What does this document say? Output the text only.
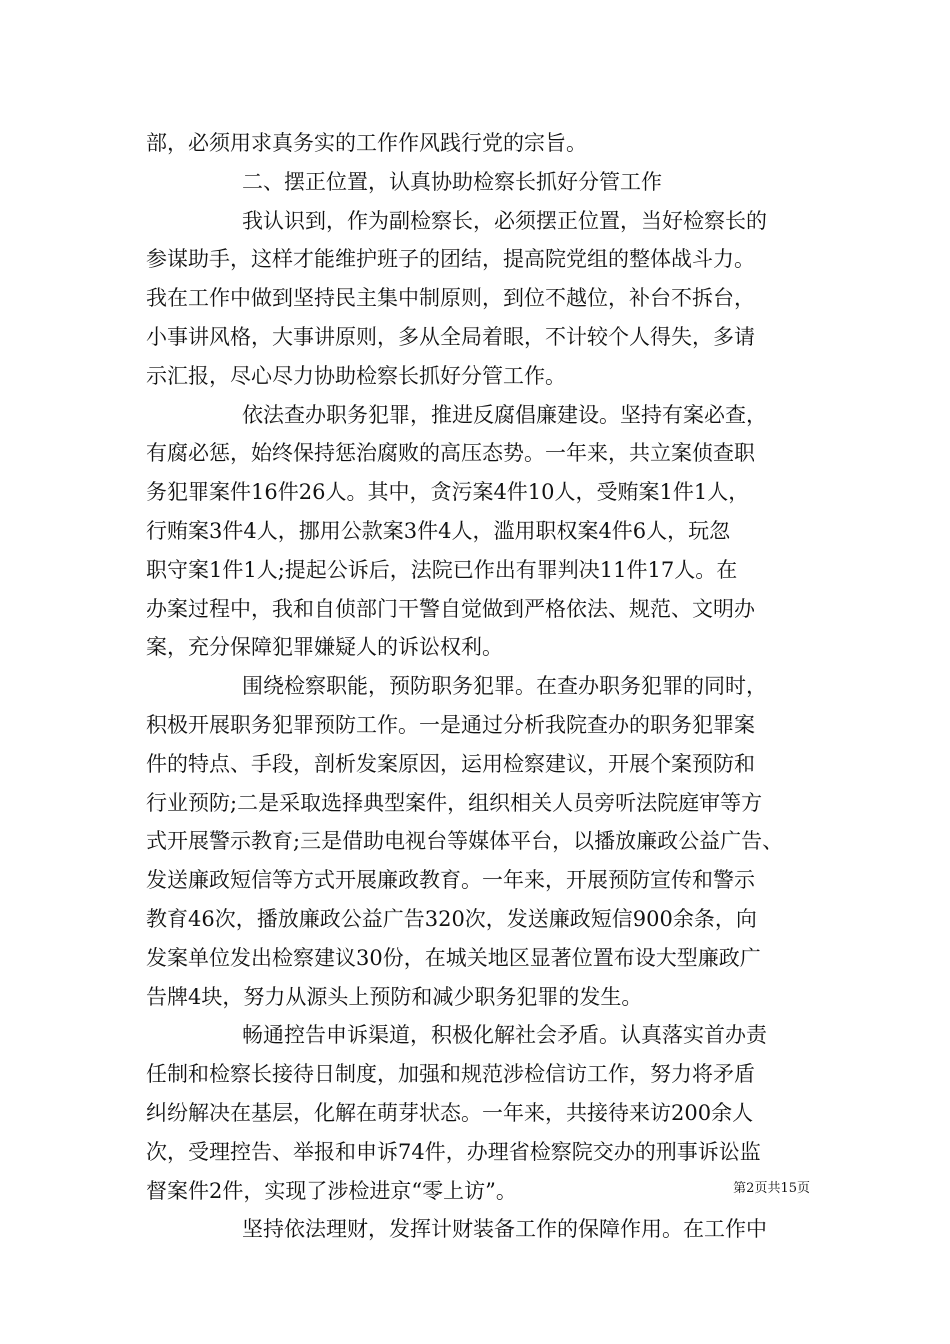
部，必须用求真务实的工作作风践行党的宗旨。
二、摆正位置，认真协助检察长抓好分管工作
我认识到，作为副检察长，必须摆正位置，当好检察长的
参谋助手，这样才能维护班子的团结，提高院党组的整体战斗力。
我在工作中做到坚持民主集中制原则，到位不越位，补台不拆台，
小事讲风格，大事讲原则，多从全局着眼，不计较个人得失，多请
示汇报，尽心尽力协助检察长抓好分管工作。
依法查办职务犯罪，推进反腐倡廉建设。坚持有案必查，
有腐必惩，始终保持惩治腐败的高压态势。一年来，共立案侦查职
务犯罪案件16件26人。其中，贪污案4件10人，受贿案1件1人，
行贿案3件4人，挪用公款案3件4人，滥用职权案4件6人，玩忽
职守案1件1人;提起公诉后，法院已作出有罪判决11件17人。在
办案过程中，我和自侦部门干警自觉做到严格依法、规范、文明办
案，充分保障犯罪嫌疑人的诉讼权利。
围绕检察职能，预防职务犯罪。在查办职务犯罪的同时，
积极开展职务犯罪预防工作。一是通过分析我院查办的职务犯罪案
件的特点、手段，剖析发案原因，运用检察建议，开展个案预防和
行业预防;二是采取选择典型案件，组织相关人员旁听法院庭审等方
式开展警示教育;三是借助电视台等媒体平台，以播放廉政公益广告、
发送廉政短信等方式开展廉政教育。一年来，开展预防宣传和警示
教育46次，播放廉政公益广告320次，发送廉政短信900余条，向
发案单位发出检察建议30份，在城关地区显著位置布设大型廉政广
告牌4块，努力从源头上预防和减少职务犯罪的发生。
畅通控告申诉渠道，积极化解社会矛盾。认真落实首办责
任制和检察长接待日制度，加强和规范涉检信访工作，努力将矛盾
纠纷解决在基层，化解在萌芽状态。一年来，共接待来访200余人
次，受理控告、举报和申诉74件，办理省检察院交办的刑事诉讼监
督案件2件，实现了涉检进京“零上访”。
坚持依法理财，发挥计财装备工作的保障作用。在工作中
第2页共15页
